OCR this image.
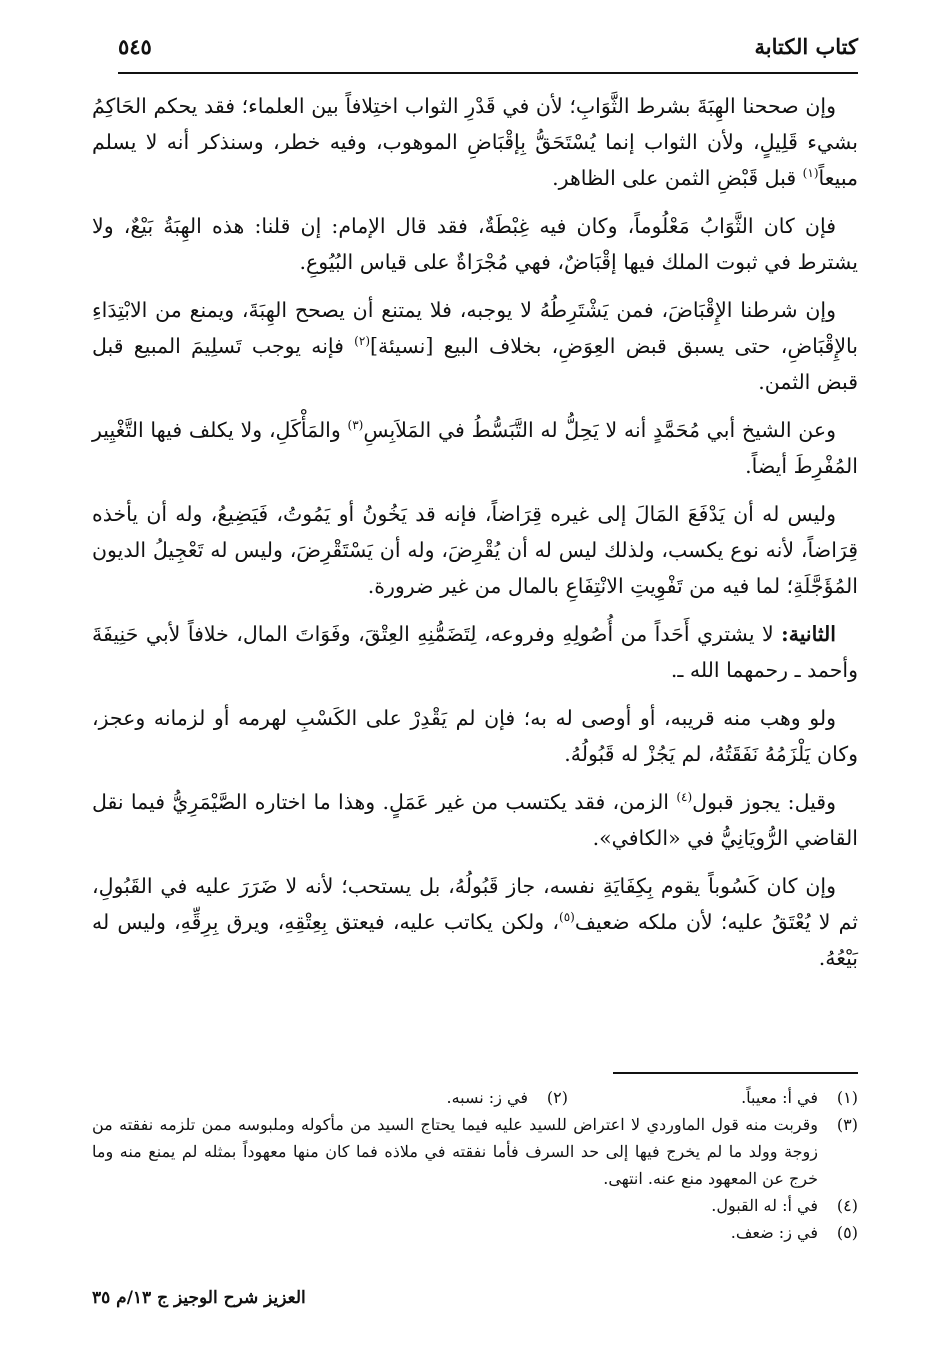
كتاب الكتابة
٥٤٥

وإن صححنا الهِبَةَ بشرط الثَّوَابِ؛ لأن في قَدْرِ الثواب اختِلافاً بين العلماء؛ فقد يحكم الحَاكِمُ بشيء قَلِيلٍ، ولأن الثواب إنما يُسْتَحَقُّ بِإقْبَاضِ الموهوب، وفيه خطر، وسنذكر أنه لا يسلم مبيعاً$^{(١)}$ قبل قَبْضِ الثمن على الظاهر.

فإن كان الثَّوَابُ مَعْلُوماً، وكان فيه غِبْطَةٌ، فقد قال الإمام: إن قلنا: هذه الهِبَةُ بَيْعٌ، ولا يشترط في ثبوت الملك فيها إقْبَاضٌ، فهي مُجْرَاةٌ على قياس البُيُوعِ.

وإن شرطنا الإِقْبَاضَ، فمن يَشْتَرِطُهُ لا يوجبه، فلا يمتنع أن يصحح الهِبَةَ، ويمنع من الابْتِدَاءِ بالإِقْبَاضِ، حتى يسبق قبض العِوَضِ، بخلاف البيع [نسيئة]$^{(٢)}$ فإنه يوجب تَسلِيمَ المبيع قبل قبض الثمن.

وعن الشيخ أبي مُحَمَّدٍ أنه لا يَحِلُّ له التَّبَسُّطُ في المَلاَبِسِ$^{(٣)}$ والمَأْكَلِ، ولا يكلف فيها التَّغْيِير المُفْرِطَ أيضاً.

وليس له أن يَدْفَعَ المَالَ إلى غيره قِرَاضاً، فإنه قد يَخُونُ أو يَمُوتُ، فَيَضِيعُ، وله أن يأخذه قِرَاضاً، لأنه نوع يكسب، ولذلك ليس له أن يُقْرِضَ، وله أن يَسْتَقْرِضَ، وليس له تَعْجِيلُ الديون المُؤَجَّلَةِ؛ لما فيه من تَفْوِيتِ الانْتِفَاعِ بالمال من غير ضرورة.

الثانية: لا يشتري أَحَداً من أُصُولِهِ وفروعه، لِتَضَمُّنِهِ العِتْقَ، وفَوَاتَ المال، خلافاً لأبي حَنِيفَةَ وأحمد ـ رحمهما الله ـ.

ولو وهب منه قريبه، أو أوصى له به؛ فإن لم يَقْدِرْ على الكَسْبِ لهرمه أو لزمانه وعجز، وكان يَلْزَمُهُ نَفَقَتُهُ، لم يَجُزْ له قَبُولُهُ.

وقيل: يجوز قبول$^{(٤)}$ الزمن، فقد يكتسب من غير عَمَلٍ. وهذا ما اختاره الصَّيْمَرِيُّ فيما نقل القاضي الرُّويَانِيُّ في «الكافي».

وإن كان كَسُوباً يقوم بِكِفَايَةِ نفسه، جاز قَبُولُهُ، بل يستحب؛ لأنه لا ضَرَرَ عليه في القَبُولِ، ثم لا يُعْتَقُ عليه؛ لأن ملكه ضعيف$^{(٥)}$، ولكن يكاتب عليه، فيعتق بِعِتْقِهِ، ويرق بِرِقِّهِ، وليس له بَيْعُهُ.

(١)
في أ: معيباً.
(٢)
في ز: نسبه.
(٣)
وقربت منه قول الماوردي لا اعتراض للسيد عليه فيما يحتاج السيد من مأكوله وملبوسه ممن تلزمه نفقته من زوجة وولد ما لم يخرج فيها إلى حد السرف فأما نفقته في ملاذه فما كان منها معهوداً بمثله لم يمنع منه وما خرج عن المعهود منع عنه. انتهى.
(٤)
في أ: له القبول.
(٥)
في ز: ضعف.
العزيز شرح الوجيز ج ١٣/م ٣٥
